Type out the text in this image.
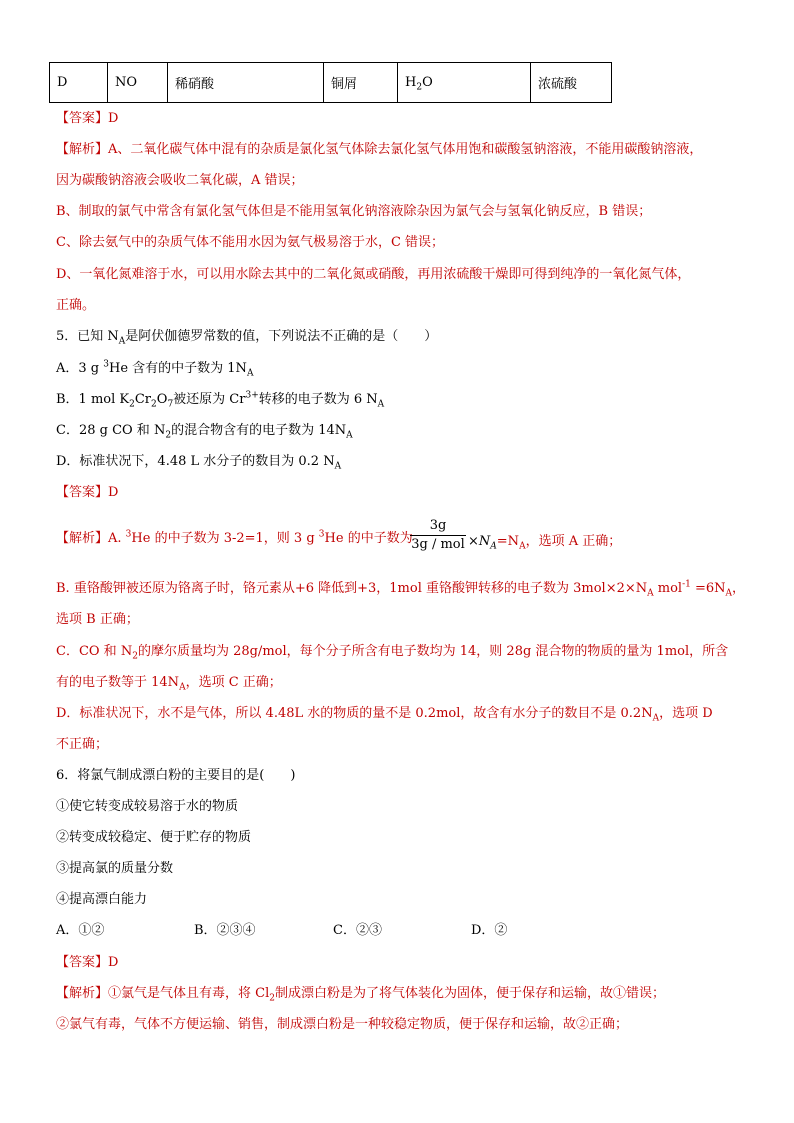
D	NO	稀硝酸	铜屑	$H_2O$	浓硫酸
【答案】D
【解析】A、二氧化碳气体中混有的杂质是氯化氢气体除去氯化氢气体用饱和碳酸氢钠溶液，不能用碳酸钠溶液，
因为碳酸钠溶液会吸收二氧化碳，A 错误；
B、制取的氯气中常含有氯化氢气体但是不能用氢氧化钠溶液除杂因为氯气会与氢氧化钠反应，B 错误；
C、除去氨气中的杂质气体不能用水因为氨气极易溶于水，C 错误；
D、一氧化氮难溶于水，可以用水除去其中的二氧化氮或硝酸，再用浓硫酸干燥即可得到纯净的一氧化氮气体，
正确。
5．已知 $N_A$是阿伏伽德罗常数的值，下列说法不正确的是（　　）
A．3 g $^3$He 含有的中子数为 $1N_A$
B．1 mol $K_2Cr_2O_7$被还原为 $Cr^{3+}$转移的电子数为 6 $N_A$
C．28 g CO 和 $N_2$的混合物含有的电子数为 $14N_A$
D．标准状况下，4.48 L 水分子的数目为 0.2 $N_A$
【答案】D
【解析】A. $^3$He 的中子数为 3-2=1，则 3 g $^3$He 的中子数为
3g
3g / mol $\times N_A=N_A$，选项 A 正确；
B. 重铬酸钾被还原为铬离子时，铬元素从+6 降低到+3，1mol 重铬酸钾转移的电子数为 $3mol\times 2\times N_A$ $mol^{-1} =6N_A$，
选项 B 正确；
C．CO 和 $N_2$的摩尔质量均为 28g/mol，每个分子所含有电子数均为 14，则 28g 混合物的物质的量为 1mol，所含
有的电子数等于 $14N_A$，选项 C 正确；
D．标准状况下，水不是气体，所以 4.48L 水的物质的量不是 0.2mol，故含有水分子的数目不是 $0.2N_A$，选项 D
不正确；
6．将氯气制成漂白粉的主要目的是(　　)
①使它转变成较易溶于水的物质
②转变成较稳定、便于贮存的物质
③提高氯的质量分数
④提高漂白能力
A．①②	B．②③④	C．②③	D．②
【答案】D
【解析】①氯气是气体且有毒，将 $Cl_2$制成漂白粉是为了将气体装化为固体，便于保存和运输，故①错误；
②氯气有毒，气体不方便运输、销售，制成漂白粉是一种较稳定物质，便于保存和运输，故②正确；
